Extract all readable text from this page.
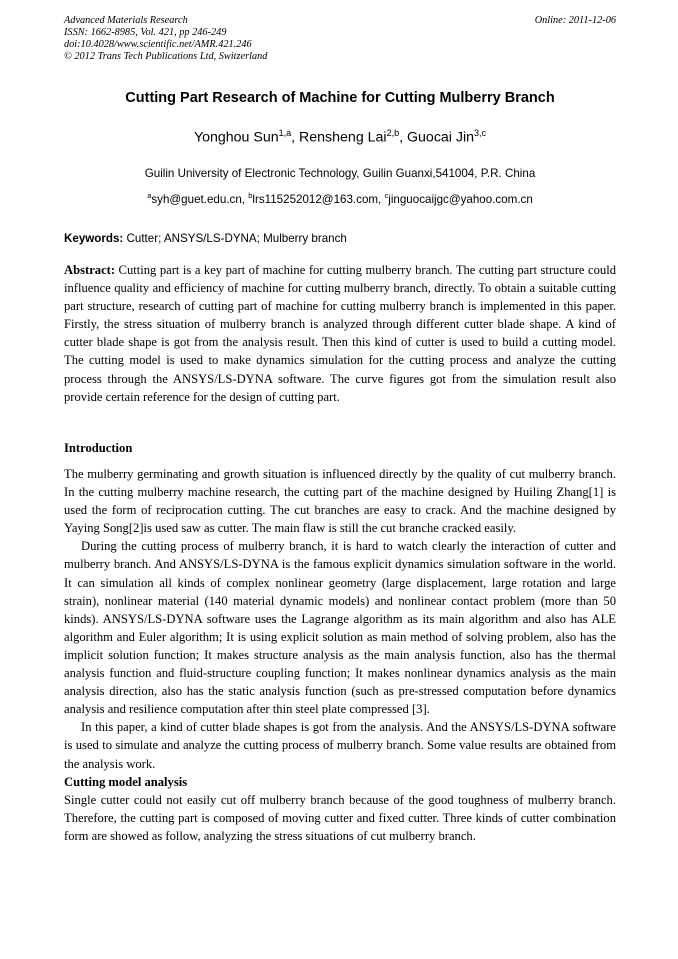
Advanced Materials Research
ISSN: 1662-8985, Vol. 421, pp 246-249
doi:10.4028/www.scientific.net/AMR.421.246
© 2012 Trans Tech Publications Ltd, Switzerland
Online: 2011-12-06
Cutting Part Research of Machine for Cutting Mulberry Branch
Yonghou Sun$^{1,a}$, Rensheng Lai$^{2,b}$, Guocai Jin$^{3,c}$
Guilin University of Electronic Technology, Guilin Guanxi,541004, P.R. China
$^a$syh@guet.edu.cn, $^b$lrs115252012@163.com, $^c$jinguocaijgc@yahoo.com.cn
Keywords: Cutter; ANSYS/LS-DYNA; Mulberry branch
Abstract: Cutting part is a key part of machine for cutting mulberry branch. The cutting part structure could influence quality and efficiency of machine for cutting mulberry branch, directly. To obtain a suitable cutting part structure, research of cutting part of machine for cutting mulberry branch is implemented in this paper. Firstly, the stress situation of mulberry branch is analyzed through different cutter blade shape. A kind of cutter blade shape is got from the analysis result. Then this kind of cutter is used to build a cutting model. The cutting model is used to make dynamics simulation for the cutting process and analyze the cutting process through the ANSYS/LS-DYNA software. The curve figures got from the simulation result also provide certain reference for the design of cutting part.
Introduction

The mulberry germinating and growth situation is influenced directly by the quality of cut mulberry branch. In the cutting mulberry machine research, the cutting part of the machine designed by Huiling Zhang[1] is used the form of reciprocation cutting. The cut branches are easy to crack. And the machine designed by Yaying Song[2]is used saw as cutter. The main flaw is still the cut branche cracked easily.

During the cutting process of mulberry branch, it is hard to watch clearly the interaction of cutter and mulberry branch. And ANSYS/LS-DYNA is the famous explicit dynamics simulation software in the world. It can simulation all kinds of complex nonlinear geometry (large displacement, large rotation and large strain), nonlinear material (140 material dynamic models) and nonlinear contact problem (more than 50 kinds). ANSYS/LS-DYNA software uses the Lagrange algorithm as its main algorithm and also has ALE algorithm and Euler algorithm; It is using explicit solution as main method of solving problem, also has the implicit solution function; It makes structure analysis as the main analysis function, also has the thermal analysis function and fluid-structure coupling function; It makes nonlinear dynamics analysis as the main analysis direction, also has the static analysis function (such as pre-stressed computation before dynamics analysis and resilience computation after thin steel plate compressed [3].

In this paper, a kind of cutter blade shapes is got from the analysis. And the ANSYS/LS-DYNA software is used to simulate and analyze the cutting process of mulberry branch. Some value results are obtained from the analysis work.

Cutting model analysis

Single cutter could not easily cut off mulberry branch because of the good toughness of mulberry branch. Therefore, the cutting part is composed of moving cutter and fixed cutter. Three kinds of cutter combination form are showed as follow, analyzing the stress situations of cut mulberry branch.
